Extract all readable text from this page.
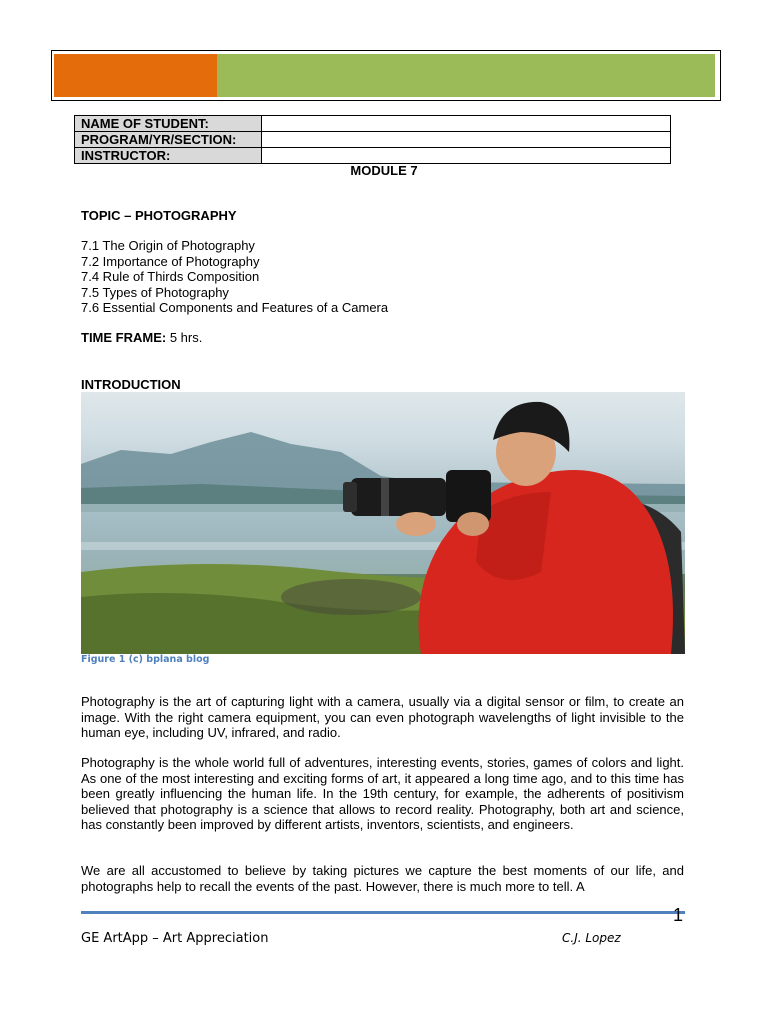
NAME OF STUDENT:	
PROGRAM/YR/SECTION:	
INSTRUCTOR:	
MODULE 7
TOPIC – PHOTOGRAPHY
7.1 The Origin of Photography
7.2 Importance of Photography
7.4 Rule of Thirds Composition
7.5 Types of Photography
7.6 Essential Components and Features of a Camera
TIME FRAME: 5 hrs.
INTRODUCTION
Figure 1 (c) bplana blog
Photography is the art of capturing light with a camera, usually via a digital sensor or film, to create an image. With the right camera equipment, you can even photograph wavelengths of light invisible to the human eye, including UV, infrared, and radio.
Photography is the whole world full of adventures, interesting events, stories, games of colors and light. As one of the most interesting and exciting forms of art, it appeared a long time ago, and to this time has been greatly influencing the human life. In the 19th century, for example, the adherents of positivism believed that photography is a science that allows to record reality. Photography, both art and science, has constantly been improved by different artists, inventors, scientists, and engineers.
We are all accustomed to believe by taking pictures we capture the best moments of our life, and photographs help to recall the events of the past. However, there is much more to tell. A
1
GE ArtApp – Art Appreciation	C.J. Lopez
